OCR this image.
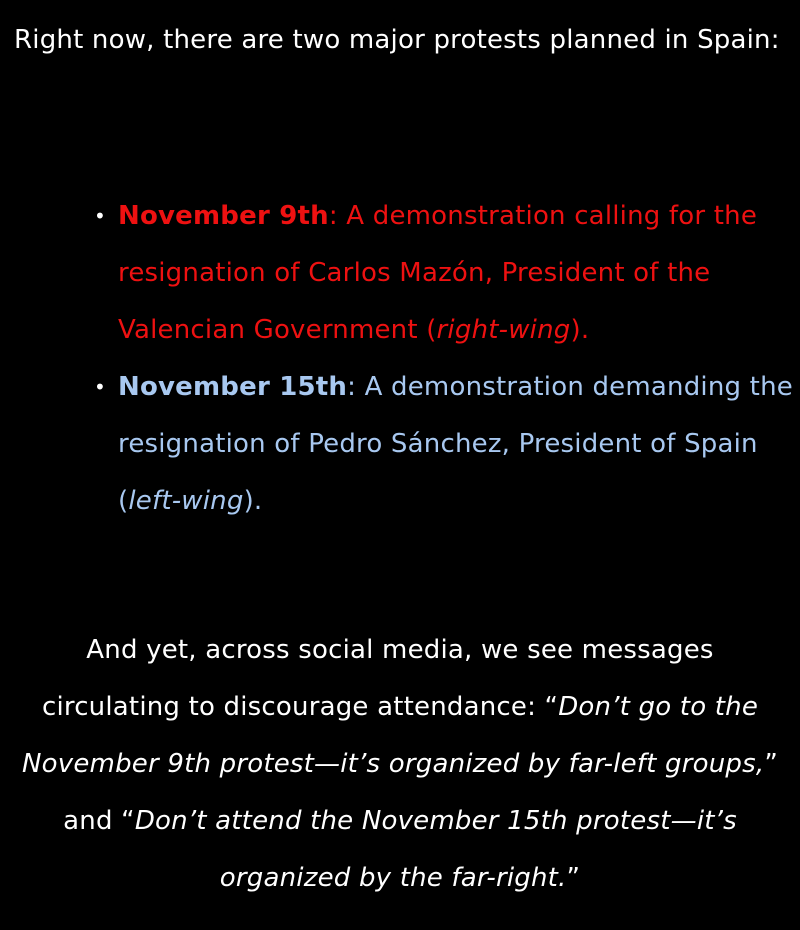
Right now, there are two major protests planned in Spain:

• November 9th: A demonstration calling for the resignation of Carlos Mazón, President of the Valencian Government (right-wing).
• November 15th: A demonstration demanding the resignation of Pedro Sánchez, President of Spain (left-wing).

And yet, across social media, we see messages circulating to discourage attendance: “Don’t go to the November 9th protest—it’s organized by far-left groups,” and “Don’t attend the November 15th protest—it’s organized by the far-right.”
